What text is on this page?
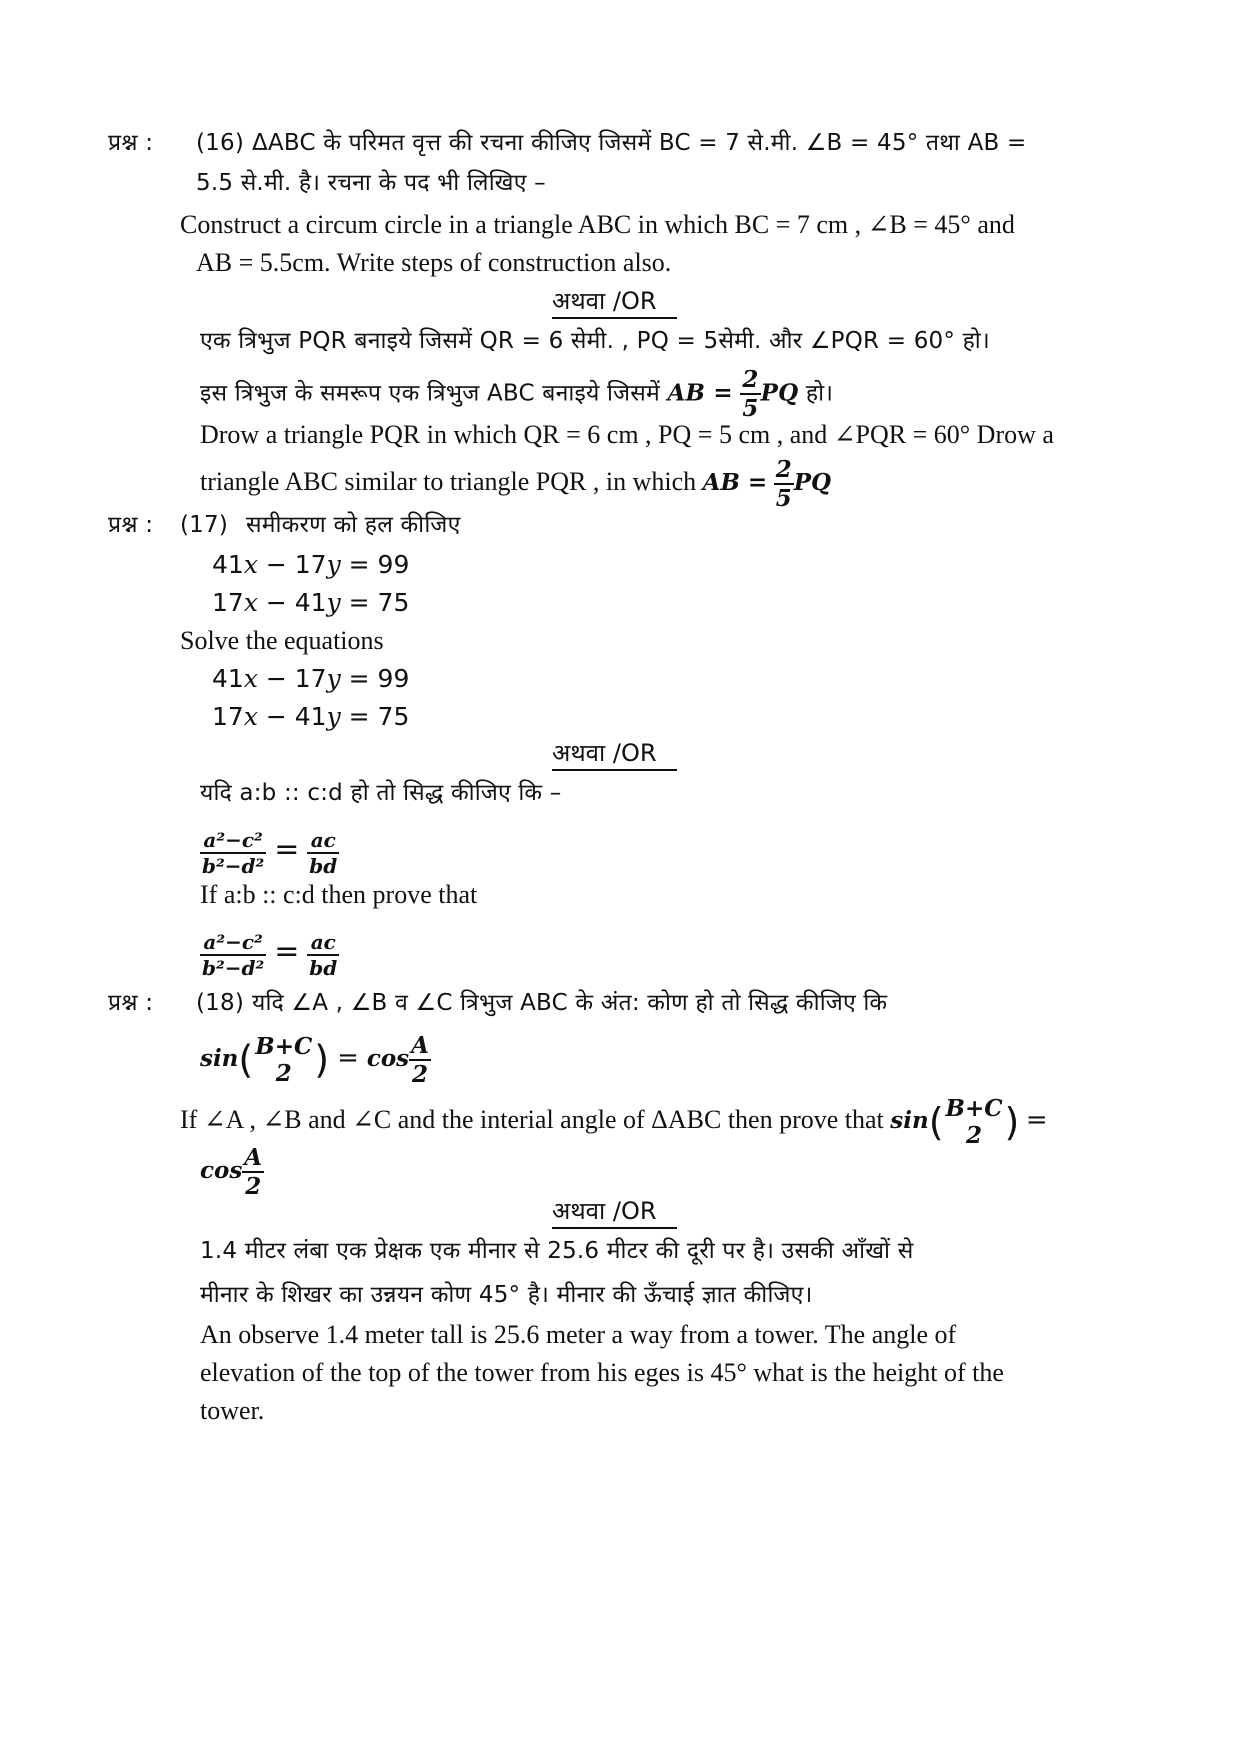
प्रश्न : (16) ΔABC के परिमत वृत्त की रचना कीजिए जिसमें BC = 7 से.मी. ∠B = 45° तथा AB =
5.5 से.मी. है। रचना के पद भी लिखिए –
Construct a circum circle in a triangle ABC in which BC = 7 cm , ∠B = 45° and
AB = 5.5cm. Write steps of construction also.
अथवा /OR
एक त्रिभुज PQR बनाइये जिसमें QR = 6 सेमी. , PQ = 5सेमी. और ∠PQR = 60° हो।
इस त्रिभुज के समरूप एक त्रिभुज ABC बनाइये जिसमें AB = $\frac{2}{5}$ PQ हो।
Drow a triangle PQR in which QR = 6 cm , PQ = 5 cm , and ∠PQR = 60° Drow a
triangle ABC similar to triangle PQR , in which AB = $\frac{2}{5}$ PQ
प्रश्न : (17) समीकरण को हल कीजिए
41x − 17y = 99
17x − 41y = 75
Solve the equations
41x − 17y = 99
17x − 41y = 75
अथवा /OR
यदि a:b :: c:d हो तो सिद्ध कीजिए कि –
$\frac{\text{a²−c²}}{\text{b²−d²}} = \frac{ac}{bd}$
If a:b :: c:d then prove that
$\frac{\text{a²−c²}}{\text{b²−d²}} = \frac{ac}{bd}$
प्रश्न : (18) यदि ∠A , ∠B व ∠C त्रिभुज ABC के अंत: कोण हो तो सिद्ध कीजिए कि
sin( B+C
2 ) = $\cos \frac{A}{2}$
If ∠A , ∠B and ∠C and the interial angle of ΔABC then prove that sin( B+C
2 ) =
$\cos \frac{A}{2}$
अथवा /OR
1.4 मीटर लंबा एक प्रेक्षक एक मीनार से 25.6 मीटर की दूरी पर है। उसकी आँखों से
मीनार के शिखर का उन्नयन कोण 45° है। मीनार की ऊँचाई ज्ञात कीजिए।
An observe 1.4 meter tall is 25.6 meter a way from a tower. The angle of
elevation of the top of the tower from his eges is 45° what is the height of the
tower.
